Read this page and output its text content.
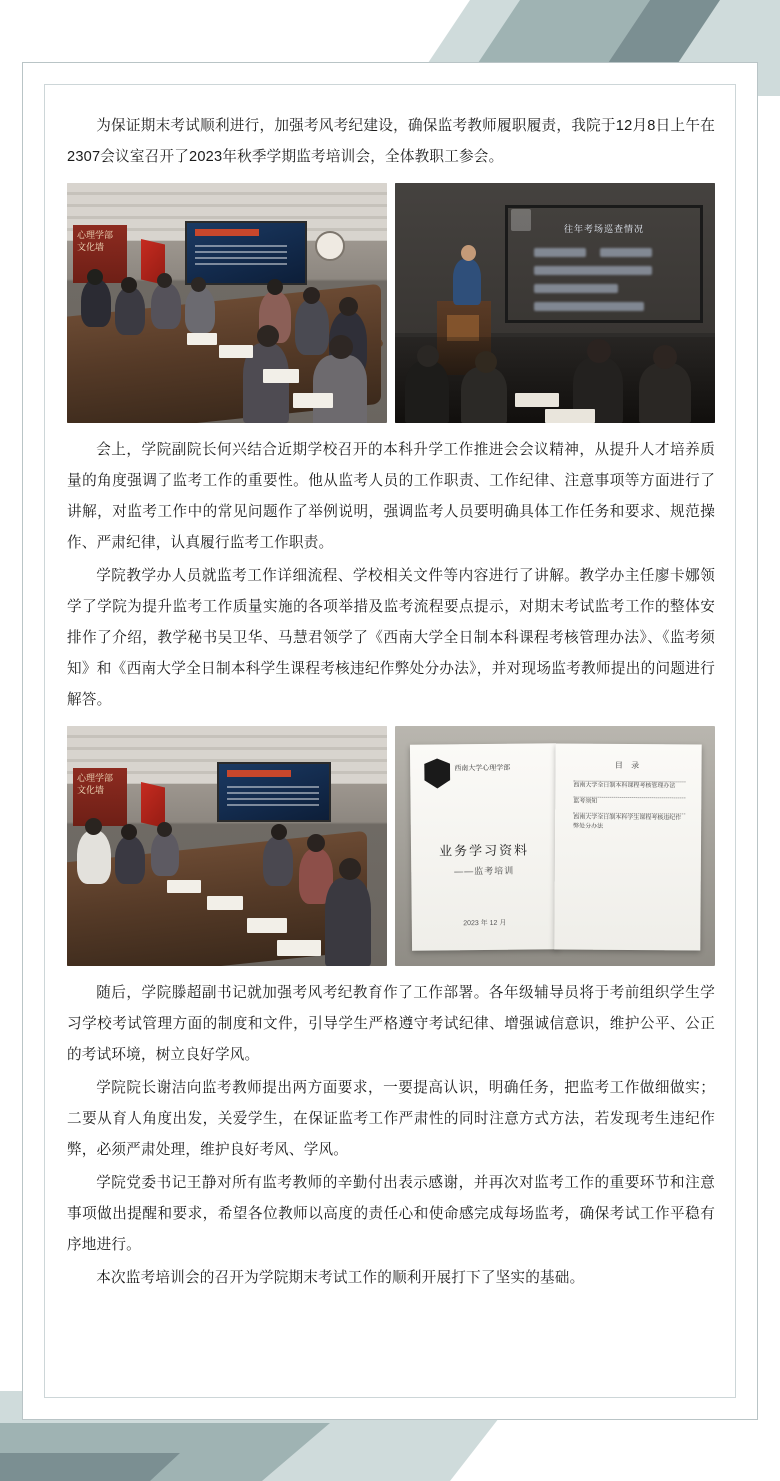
为保证期末考试顺利进行，加强考风考纪建设，确保监考教师履职履责，我院于12月8日上午在2307会议室召开了2023年秋季学期监考培训会，全体教职工参会。

心理学部
文化墙
往年考场巡查情况

会上，学院副院长何兴结合近期学校召开的本科升学工作推进会会议精神，从提升人才培养质量的角度强调了监考工作的重要性。他从监考人员的工作职责、工作纪律、注意事项等方面进行了讲解，对监考工作中的常见问题作了举例说明，强调监考人员要明确具体工作任务和要求、规范操作、严肃纪律，认真履行监考工作职责。

学院教学办人员就监考工作详细流程、学校相关文件等内容进行了讲解。教学办主任廖卡娜领学了学院为提升监考工作质量实施的各项举措及监考流程要点提示，对期末考试监考工作的整体安排作了介绍，教学秘书吴卫华、马慧君领学了《西南大学全日制本科课程考核管理办法》、《监考须知》和《西南大学全日制本科学生课程考核违纪作弊处分办法》，并对现场监考教师提出的问题进行解答。

心理学部
文化墙
西南大学心理学部
业务学习资料
——监考培训
2023 年 12 月
目 录
西南大学全日制本科课程考核管理办法
监考须知
西南大学全日制本科学生课程考核违纪作弊处分办法

随后，学院滕超副书记就加强考风考纪教育作了工作部署。各年级辅导员将于考前组织学生学习学校考试管理方面的制度和文件，引导学生严格遵守考试纪律、增强诚信意识，维护公平、公正的考试环境，树立良好学风。

学院院长谢洁向监考教师提出两方面要求，一要提高认识，明确任务，把监考工作做细做实；二要从育人角度出发，关爱学生，在保证监考工作严肃性的同时注意方式方法，若发现考生违纪作弊，必须严肃处理，维护良好考风、学风。

学院党委书记王静对所有监考教师的辛勤付出表示感谢，并再次对监考工作的重要环节和注意事项做出提醒和要求，希望各位教师以高度的责任心和使命感完成每场监考，确保考试工作平稳有序地进行。

本次监考培训会的召开为学院期末考试工作的顺利开展打下了坚实的基础。
